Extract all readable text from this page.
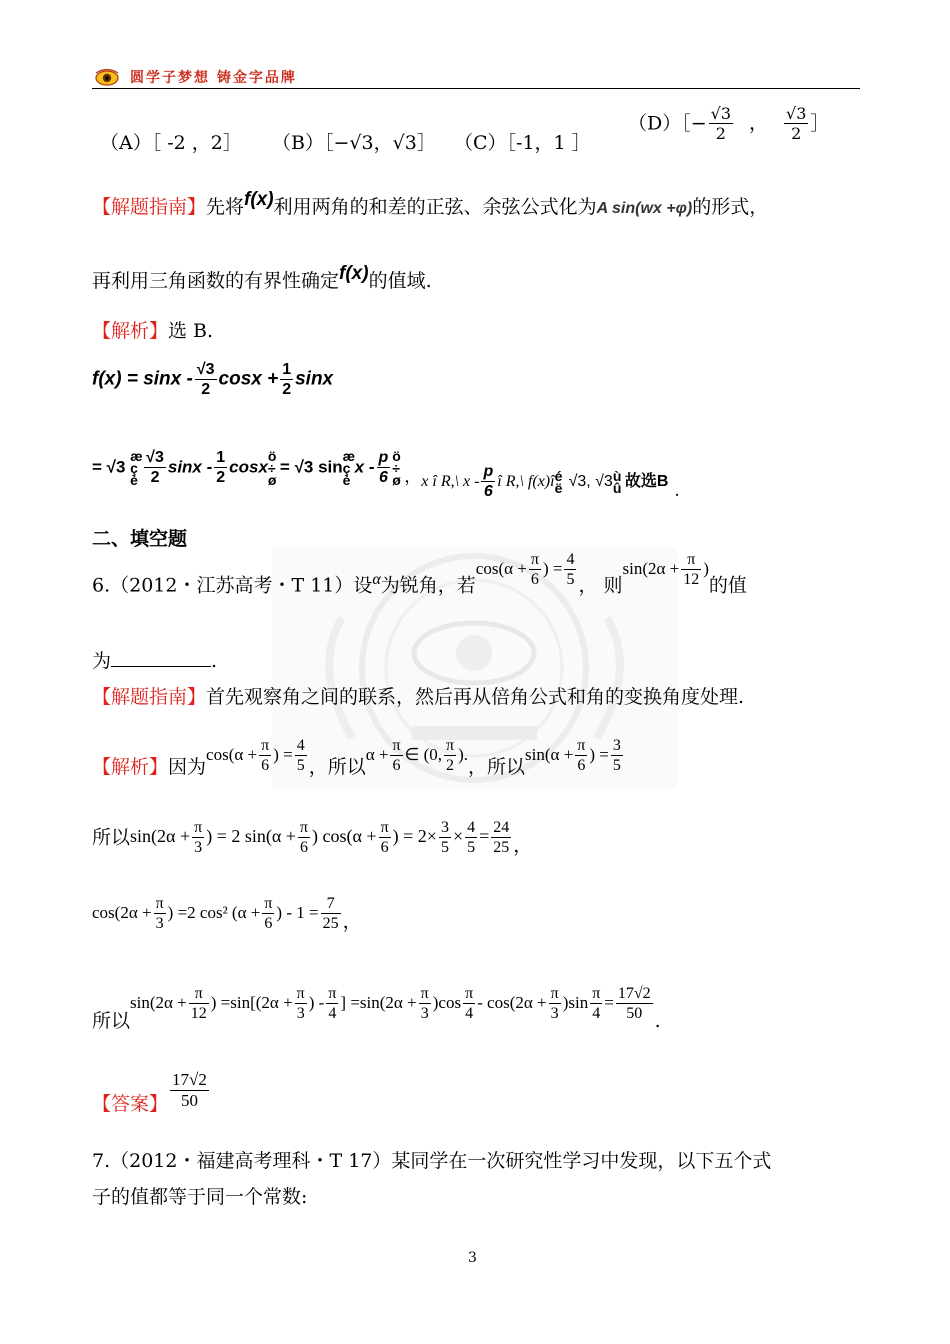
圆学子梦想 铸金字品牌
（A）［ -2 ，2］ （B）［−√3，√3］ （C）［-1，1 ］
（D）［− $\frac{√3}{2}$ ， $\frac{√3}{2}$ ］
【解题指南】先将f(x)利用两角的和差的正弦、余弦公式化为A sin(wx +φ)的形式，
再利用三角函数的有界性确定f(x)的值域.
【解析】选 B.
$f(x) = \sin x - \frac{√3}{2}$ $\cos x + \frac{1}{2}$ sinx
= √3 æ ç è $\frac{√3}{2}$ sinx - $\frac{1}{2}$ cosxö ÷ ø= √3 sinæ ç èx - $\frac{p}{6}$ ö ÷ ø ，x î R,\ x - $\frac{p}{6}$ î R,\ f(x)îé ë √3, √3ù û 故选B .
二、填空题
6.（2012・江苏高考・T 11）设$^\alpha$为锐角，若$\cos(\alpha + \frac{\pi}{6}$ ) = $\frac{4}{5}$ ， 则$\sin(2\alpha + \frac{\pi}{12}$ )的值
为	.
【解题指南】首先观察角之间的联系，然后再从倍角公式和角的变换角度处理.
【解析】因为$\cos(\alpha + \frac{\pi}{6}$ ) = $\frac{4}{5}$ ，所以$\alpha + \frac{\pi}{6}$ ∈ (0, $\frac{\pi}{2}$ ).，所以$\sin(\alpha + \frac{\pi}{6}$ ) = $\frac{3}{5}$
所以$\sin(2\alpha + \frac{\pi}{3}$ ) = 2 $\sin(\alpha + \frac{\pi}{6}$ ) $\cos(\alpha + \frac{\pi}{6}$ ) = $2\times \frac{3}{5} \times \frac{4}{5} = \frac{24}{25}$ ，
$\cos(2\alpha + \frac{\pi}{3}$ ) =2 cos² ($\alpha + \frac{\pi}{6}$ ) - $1 = \frac{7}{25}$ ，
所以$\sin(2\alpha + \frac{\pi}{12}$ ) $=\sin[(2\alpha + \frac{\pi}{3}$ ) - $\frac{\pi}{4}$ ] $=\sin(2\alpha + \frac{\pi}{3} )\cos \frac{\pi}{4} - \cos(2\alpha + \frac{\pi}{3} )\sin \frac{\pi}{4} = \frac{17√2}{50}$ .
【答案】 $\frac{17√2}{50}$
7.（2012・福建高考理科・T 17）某同学在一次研究性学习中发现，以下五个式
子的值都等于同一个常数:
3
